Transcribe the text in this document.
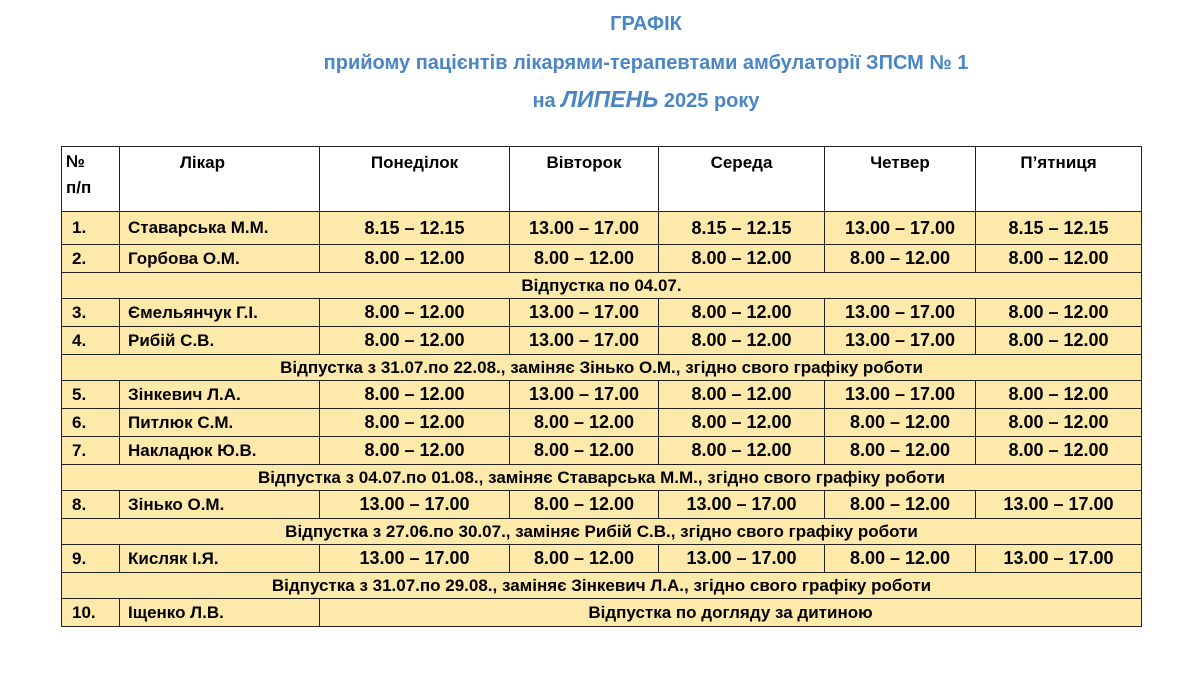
ГРАФІК
прийому пацієнтів лікарями-терапевтами амбулаторії ЗПСМ № 1
на ЛИПЕНЬ 2025 року
№
п/п	Лікар	Понеділок	Вівторок	Середа	Четвер	П’ятниця
1.	Ставарська М.М.	8.15 – 12.15	13.00 – 17.00	8.15 – 12.15	13.00 – 17.00	8.15 – 12.15
2.	Горбова О.М.	8.00 – 12.00	8.00 – 12.00	8.00 – 12.00	8.00 – 12.00	8.00 – 12.00
Відпустка по 04.07.						
3.	Ємельянчук Г.І.	8.00 – 12.00	13.00 – 17.00	8.00 – 12.00	13.00 – 17.00	8.00 – 12.00
4.	Рибій С.В.	8.00 – 12.00	13.00 – 17.00	8.00 – 12.00	13.00 – 17.00	8.00 – 12.00
Відпустка з 31.07.по 22.08., заміняє Зінько О.М., згідно свого графіку роботи						
5.	Зінкевич Л.А.	8.00 – 12.00	13.00 – 17.00	8.00 – 12.00	13.00 – 17.00	8.00 – 12.00
6.	Питлюк С.М.	8.00 – 12.00	8.00 – 12.00	8.00 – 12.00	8.00 – 12.00	8.00 – 12.00
7.	Накладюк Ю.В.	8.00 – 12.00	8.00 – 12.00	8.00 – 12.00	8.00 – 12.00	8.00 – 12.00
Відпустка з 04.07.по 01.08., заміняє Ставарська М.М., згідно свого графіку роботи						
8.	Зінько О.М.	13.00 – 17.00	8.00 – 12.00	13.00 – 17.00	8.00 – 12.00	13.00 – 17.00
Відпустка з 27.06.по 30.07., заміняє Рибій С.В., згідно свого графіку роботи						
9.	Кисляк І.Я.	13.00 – 17.00	8.00 – 12.00	13.00 – 17.00	8.00 – 12.00	13.00 – 17.00
Відпустка з 31.07.по 29.08., заміняє Зінкевич Л.А., згідно свого графіку роботи						
10.	Іщенко Л.В.	Відпустка по догляду за дитиною				
